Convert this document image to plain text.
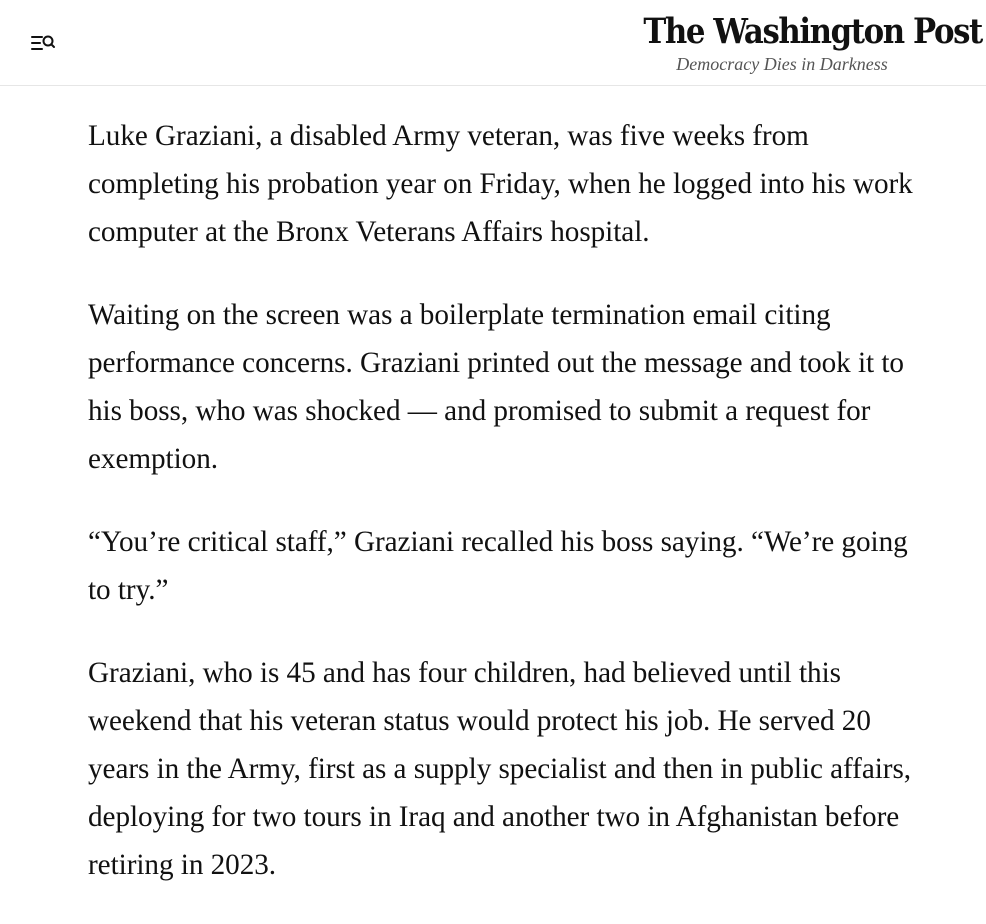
The Washington Post
Democracy Dies in Darkness

Luke Graziani, a disabled Army veteran, was five weeks from completing his probation year on Friday, when he logged into his work computer at the Bronx Veterans Affairs hospital.

Waiting on the screen was a boilerplate termination email citing performance concerns. Graziani printed out the message and took it to his boss, who was shocked — and promised to submit a request for exemption.

“You’re critical staff,” Graziani recalled his boss saying. “We’re going to try.”

Graziani, who is 45 and has four children, had believed until this weekend that his veteran status would protect his job. He served 20 years in the Army, first as a supply specialist and then in public affairs, deploying for two tours in Iraq and another two in Afghanistan before retiring in 2023.
